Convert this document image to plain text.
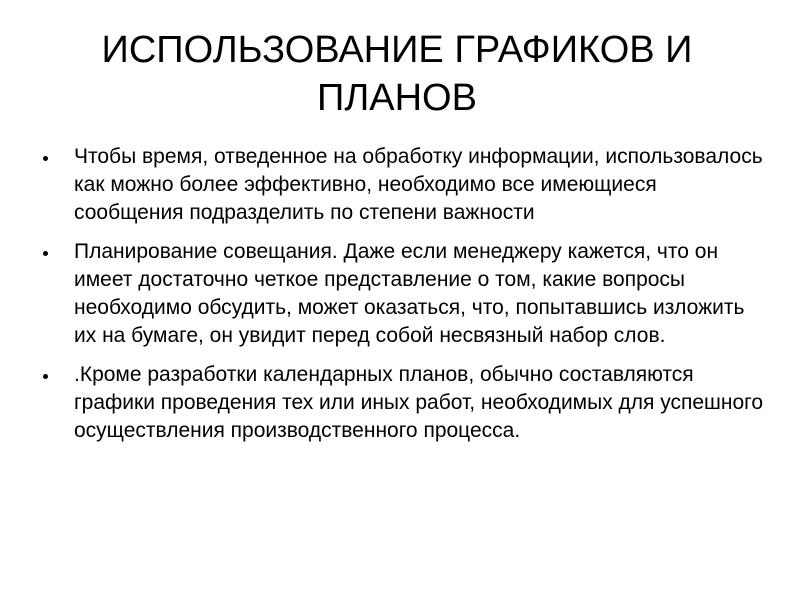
ИСПОЛЬЗОВАНИЕ ГРАФИКОВ И
ПЛАНОВ
Чтобы время, отведенное на обработку информации, использовалось как можно более эффективно, необходимо все имеющиеся сообщения подразделить по степени важности
Планирование совещания. Даже если менеджеру кажется, что он имеет достаточно четкое представление о том, какие вопросы необходимо обсудить, может оказаться, что, попытавшись изложить их на бумаге, он увидит перед собой несвязный набор слов.
.Кроме разработки календарных планов, обычно составляются графики проведения тех или иных работ, необходимых для успешного осуществления производственного процесса.
